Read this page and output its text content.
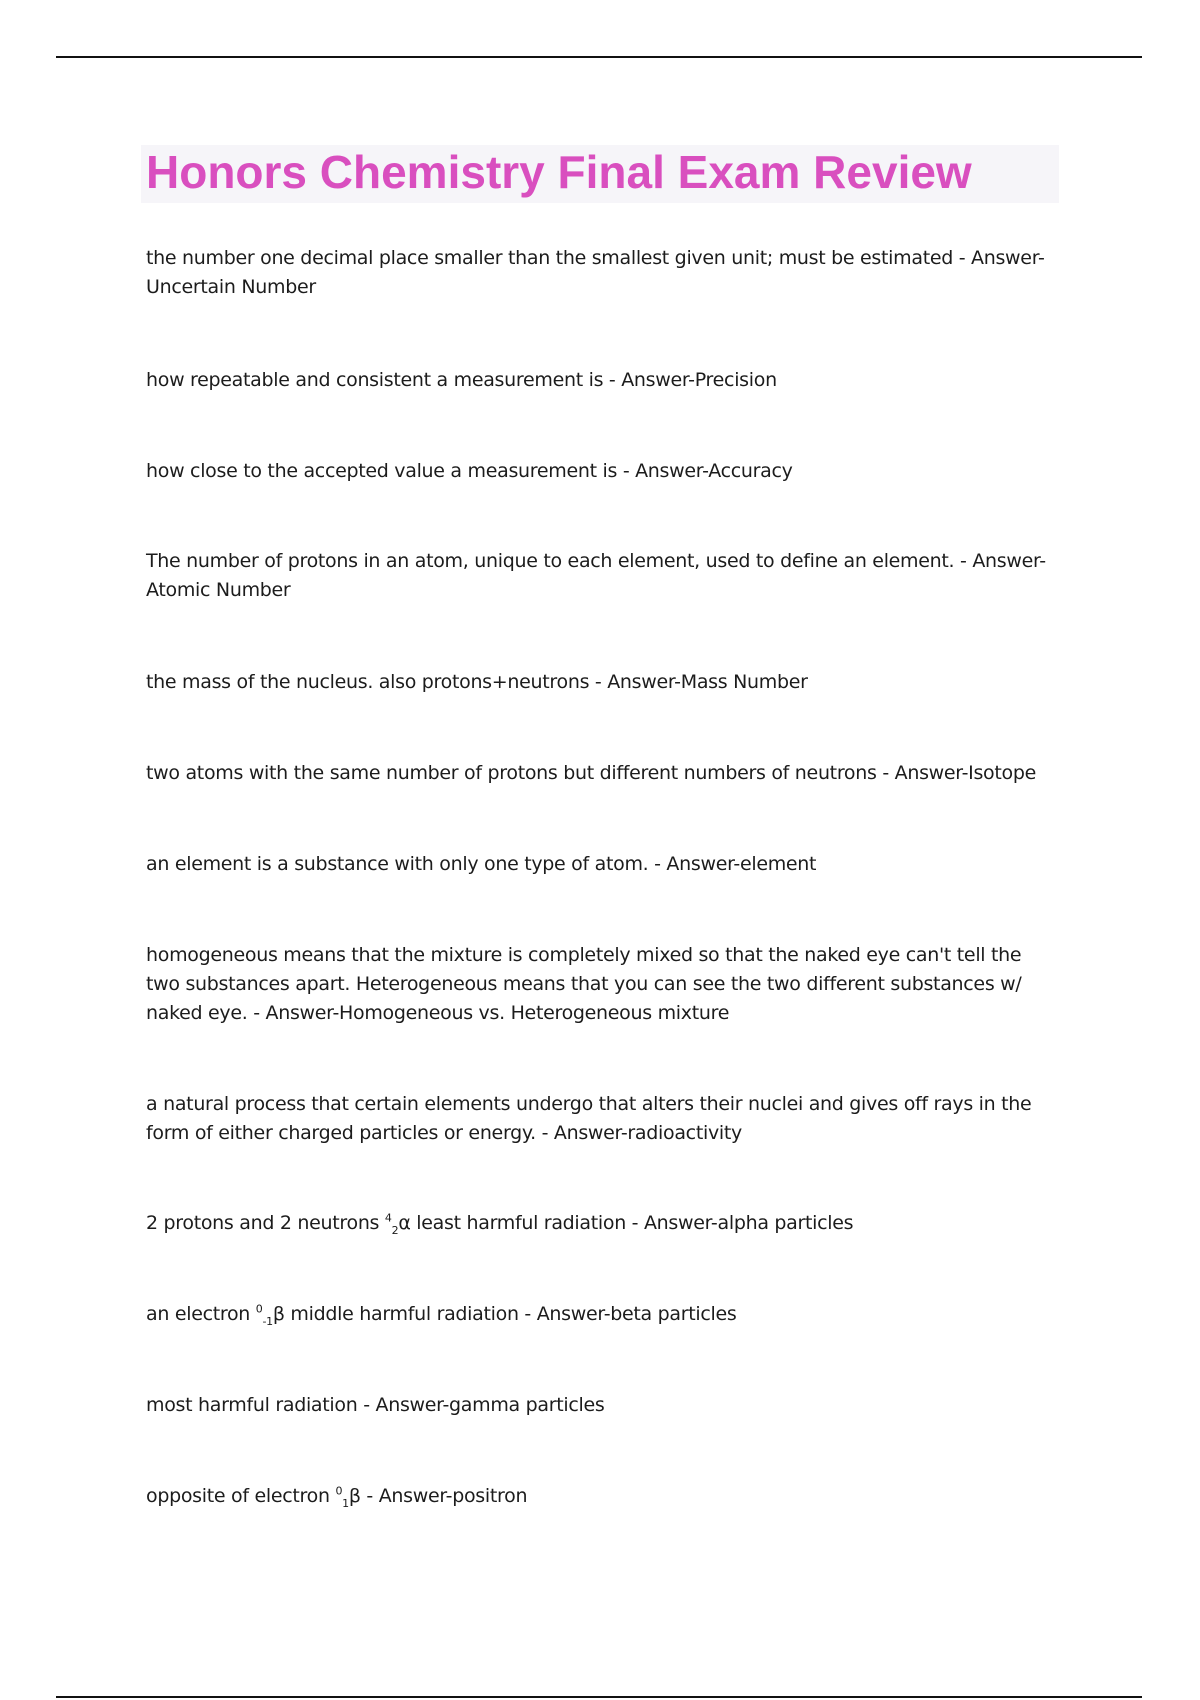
Honors Chemistry Final Exam Review

the number one decimal place smaller than the smallest given unit; must be estimated - Answer-Uncertain Number

how repeatable and consistent a measurement is - Answer-Precision

how close to the accepted value a measurement is - Answer-Accuracy

The number of protons in an atom, unique to each element, used to define an element. - Answer-Atomic Number

the mass of the nucleus. also protons+neutrons - Answer-Mass Number

two atoms with the same number of protons but different numbers of neutrons - Answer-Isotope

an element is a substance with only one type of atom. - Answer-element

homogeneous means that the mixture is completely mixed so that the naked eye can't tell the two substances apart. Heterogeneous means that you can see the two different substances w/ naked eye. - Answer-Homogeneous vs. Heterogeneous mixture

a natural process that certain elements undergo that alters their nuclei and gives off rays in the form of either charged particles or energy. - Answer-radioactivity

2 protons and 2 neutrons $^4_2$α least harmful radiation - Answer-alpha particles

an electron $^0_{-1}$β middle harmful radiation - Answer-beta particles

most harmful radiation - Answer-gamma particles

opposite of electron $^0_1$β - Answer-positron
